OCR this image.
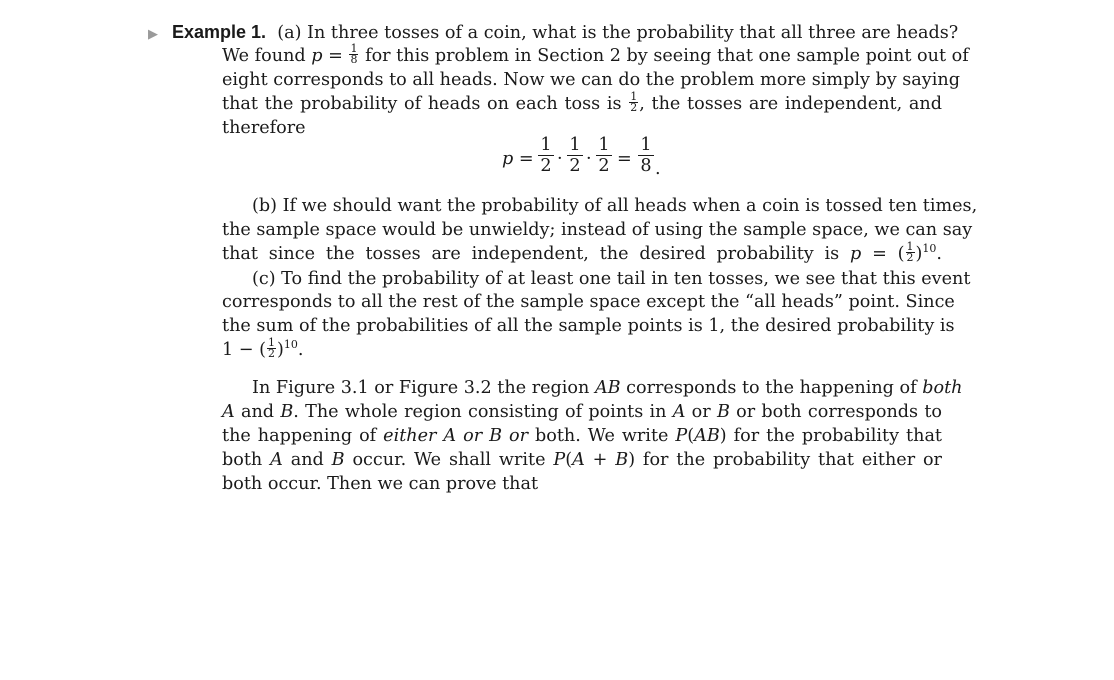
▶ Example 1. (a) In three tosses of a coin, what is the probability that all three are heads?
We found $p = \frac{1}{8}$ for this problem in Section 2 by seeing that one sample point out of
eight corresponds to all heads. Now we can do the problem more simply by saying
that the probability of heads on each toss is $\frac{1}{2}$ , the tosses are independent, and
therefore
p =
1
2 ·
1
2 ·
1
2 =
1
8 .
(b) If we should want the probability of all heads when a coin is tossed ten times,
the sample space would be unwieldy; instead of using the sample space, we can say
that since the tosses are independent, the desired probability is p = ( $\frac{1}{2} )^{10}$.
(c) To find the probability of at least one tail in ten tosses, we see that this event
corresponds to all the rest of the sample space except the “all heads” point. Since
the sum of the probabilities of all the sample points is 1, the desired probability is
1 − ( $\frac{1}{2} )^{10}$.
In Figure 3.1 or Figure 3.2 the region AB corresponds to the happening of both
A and B. The whole region consisting of points in A or B or both corresponds to
the happening of either A or B or both. We write P(AB) for the probability that
both A and B occur. We shall write P(A + B) for the probability that either or
both occur. Then we can prove that
